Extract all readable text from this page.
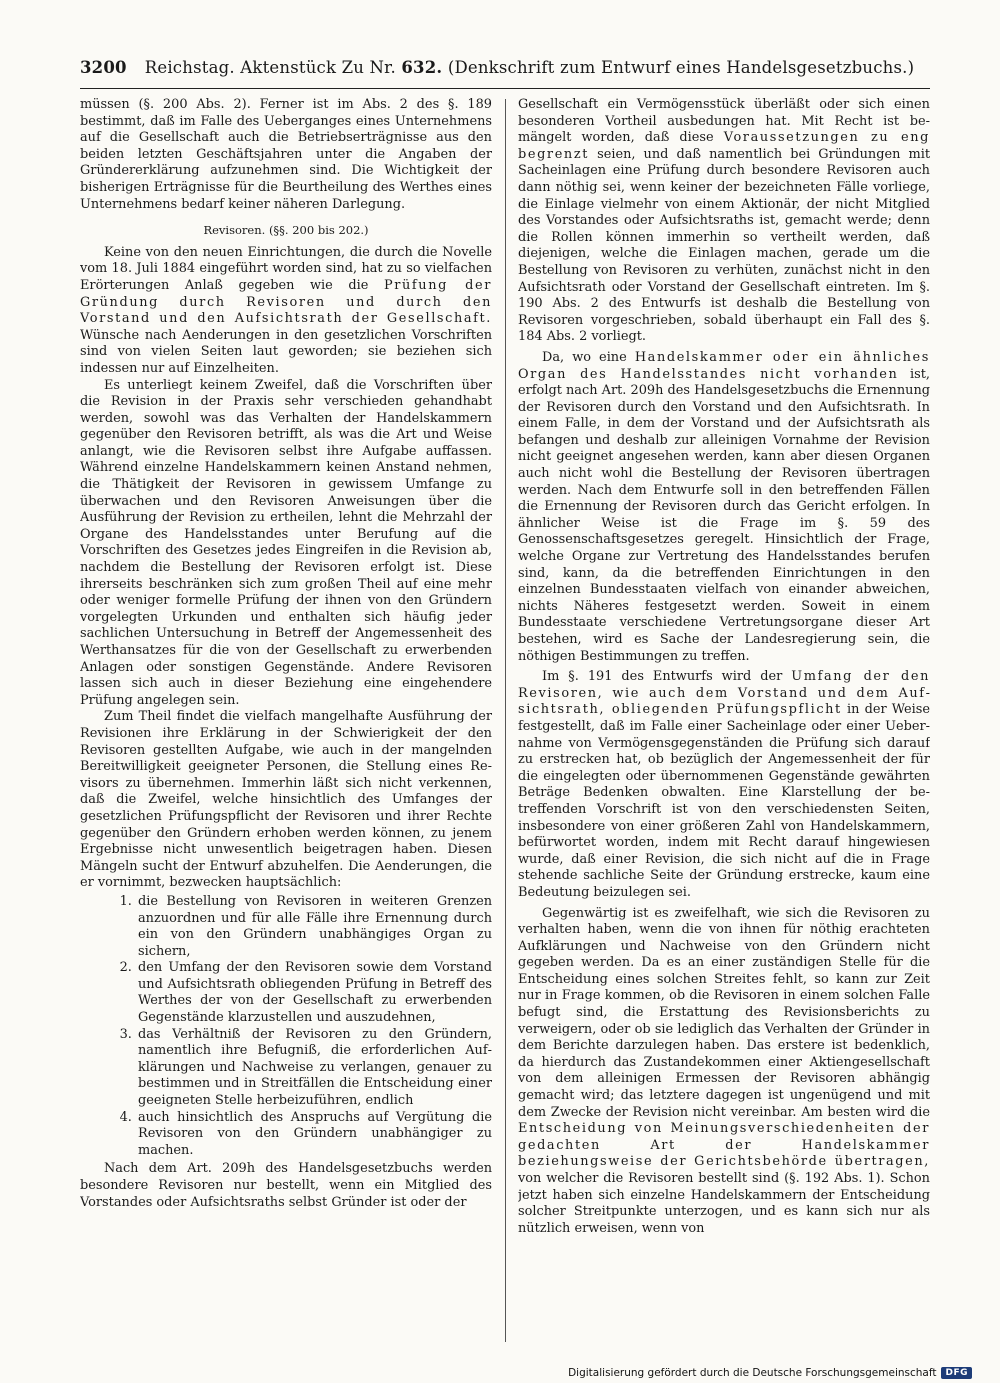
3200 Reichstag. Aktenstück Zu Nr. 632. (Denkschrift zum Entwurf eines Handelsgesetzbuchs.)

müssen (§. 200 Abs. 2). Ferner ist im Abs. 2 des §. 189 bestimmt, daß im Falle des Ueberganges eines Unternehmens auf die Gesellschaft auch die Betriebserträgnisse aus den beiden letzten Geschäftsjahren unter die Angaben der Gründererklärung aufzunehmen sind. Die Wichtigkeit der bisherigen Erträgnisse für die Beurtheilung des Werthes eines Unternehmens bedarf keiner näheren Darlegung.

Revisoren. (§§. 200 bis 202.)

Keine von den neuen Einrichtungen, die durch die Novelle vom 18. Juli 1884 eingeführt worden sind, hat zu so vielfachen Erörterungen Anlaß gegeben wie die Prüfung der Gründung durch Revisoren und durch den Vorstand und den Aufsichtsrath der Gesellschaft. Wünsche nach Aenderungen in den gesetzlichen Vorschriften sind von vielen Seiten laut geworden; sie beziehen sich indessen nur auf Einzelheiten.

Es unterliegt keinem Zweifel, daß die Vorschriften über die Revision in der Praxis sehr verschieden gehandhabt werden, sowohl was das Verhalten der Handelskammern gegenüber den Revisoren betrifft, als was die Art und Weise anlangt, wie die Revisoren selbst ihre Aufgabe auffassen. Während einzelne Handelskammern keinen Anstand nehmen, die Thätigkeit der Revisoren in gewissem Umfange zu überwachen und den Revisoren Anweisungen über die Ausführung der Revision zu ertheilen, lehnt die Mehrzahl der Organe des Handelsstandes unter Berufung auf die Vorschriften des Gesetzes jedes Eingreifen in die Revision ab, nachdem die Bestellung der Revisoren erfolgt ist. Diese ihrerseits beschränken sich zum großen Theil auf eine mehr oder weniger formelle Prüfung der ihnen von den Gründern vorgelegten Urkunden und enthalten sich häufig jeder sachlichen Untersuchung in Betreff der Angemessenheit des Werthansatzes für die von der Gesellschaft zu erwerbenden Anlagen oder sonstigen Gegenstände. Andere Revisoren lassen sich auch in dieser Beziehung eine eingehendere Prüfung angelegen sein.

Zum Theil findet die vielfach mangelhafte Ausführung der Revisionen ihre Erklärung in der Schwierigkeit der den Revisoren gestellten Aufgabe, wie auch in der mangelnden Bereitwilligkeit geeigneter Personen, die Stellung eines Revisors zu übernehmen. Immerhin läßt sich nicht verkennen, daß die Zweifel, welche hinsichtlich des Umfanges der gesetzlichen Prüfungspflicht der Revisoren und ihrer Rechte gegenüber den Gründern erhoben werden können, zu jenem Ergebnisse nicht unwesentlich beigetragen haben. Diesen Mängeln sucht der Entwurf abzuhelfen. Die Aenderungen, die er vornimmt, bezwecken hauptsächlich:

1. die Bestellung von Revisoren in weiteren Grenzen anzuordnen und für alle Fälle ihre Ernennung durch ein von den Gründern unabhängiges Organ zu sichern,
2. den Umfang der den Revisoren sowie dem Vorstand und Aufsichtsrath obliegenden Prüfung in Betreff des Werthes der von der Gesellschaft zu erwerbenden Gegenstände klarzustellen und auszudehnen,
3. das Verhältniß der Revisoren zu den Gründern, namentlich ihre Befugniß, die erforderlichen Aufklärungen und Nachweise zu verlangen, genauer zu bestimmen und in Streitfällen die Entscheidung einer geeigneten Stelle herbeizuführen, endlich
4. auch hinsichtlich des Anspruchs auf Vergütung die Revisoren von den Gründern unabhängiger zu machen.

Nach dem Art. 209h des Handelsgesetzbuchs werden besondere Revisoren nur bestellt, wenn ein Mitglied des Vorstandes oder Aufsichtsraths selbst Gründer ist oder der

Gesellschaft ein Vermögensstück überläßt oder sich einen besonderen Vortheil ausbedungen hat. Mit Recht ist bemängelt worden, daß diese Voraussetzungen zu eng begrenzt seien, und daß namentlich bei Gründungen mit Sacheinlagen eine Prüfung durch besondere Revisoren auch dann nöthig sei, wenn keiner der bezeichneten Fälle vorliege, die Einlage vielmehr von einem Aktionär, der nicht Mitglied des Vorstandes oder Aufsichtsraths ist, gemacht werde; denn die Rollen können immerhin so vertheilt werden, daß diejenigen, welche die Einlagen machen, gerade um die Bestellung von Revisoren zu verhüten, zunächst nicht in den Aufsichtsrath oder Vorstand der Gesellschaft eintreten. Im §. 190 Abs. 2 des Entwurfs ist deshalb die Bestellung von Revisoren vorgeschrieben, sobald überhaupt ein Fall des §. 184 Abs. 2 vorliegt.

Da, wo eine Handelskammer oder ein ähnliches Organ des Handelsstandes nicht vorhanden ist, erfolgt nach Art. 209h des Handelsgesetzbuchs die Ernennung der Revisoren durch den Vorstand und den Aufsichtsrath. In einem Falle, in dem der Vorstand und der Aufsichtsrath als befangen und deshalb zur alleinigen Vornahme der Revision nicht geeignet angesehen werden, kann aber diesen Organen auch nicht wohl die Bestellung der Revisoren übertragen werden. Nach dem Entwurfe soll in den betreffenden Fällen die Ernennung der Revisoren durch das Gericht erfolgen. In ähnlicher Weise ist die Frage im §. 59 des Genossenschaftsgesetzes geregelt. Hinsichtlich der Frage, welche Organe zur Vertretung des Handelsstandes berufen sind, kann, da die betreffenden Einrichtungen in den einzelnen Bundesstaaten vielfach von einander abweichen, nichts Näheres festgesetzt werden. Soweit in einem Bundesstaate verschiedene Vertretungsorgane dieser Art bestehen, wird es Sache der Landesregierung sein, die nöthigen Bestimmungen zu treffen.

Im §. 191 des Entwurfs wird der Umfang der den Revisoren, wie auch dem Vorstand und dem Aufsichtsrath, obliegenden Prüfungspflicht in der Weise festgestellt, daß im Falle einer Sacheinlage oder einer Uebernahme von Vermögensgegenständen die Prüfung sich darauf zu erstrecken hat, ob bezüglich der Angemessenheit der für die eingelegten oder übernommenen Gegenstände gewährten Beträge Bedenken obwalten. Eine Klarstellung der betreffenden Vorschrift ist von den verschiedensten Seiten, insbesondere von einer größeren Zahl von Handelskammern, befürwortet worden, indem mit Recht darauf hingewiesen wurde, daß einer Revision, die sich nicht auf die in Frage stehende sachliche Seite der Gründung erstrecke, kaum eine Bedeutung beizulegen sei.

Gegenwärtig ist es zweifelhaft, wie sich die Revisoren zu verhalten haben, wenn die von ihnen für nöthig erachteten Aufklärungen und Nachweise von den Gründern nicht gegeben werden. Da es an einer zuständigen Stelle für die Entscheidung eines solchen Streites fehlt, so kann zur Zeit nur in Frage kommen, ob die Revisoren in einem solchen Falle befugt sind, die Erstattung des Revisionsberichts zu verweigern, oder ob sie lediglich das Verhalten der Gründer in dem Berichte darzulegen haben. Das erstere ist bedenklich, da hierdurch das Zustandekommen einer Aktiengesellschaft von dem alleinigen Ermessen der Revisoren abhängig gemacht wird; das letztere dagegen ist ungenügend und mit dem Zwecke der Revision nicht vereinbar. Am besten wird die Entscheidung von Meinungsverschiedenheiten der gedachten Art der Handelskammer beziehungsweise der Gerichtsbehörde übertragen, von welcher die Revisoren bestellt sind (§. 192 Abs. 1). Schon jetzt haben sich einzelne Handelskammern der Entscheidung solcher Streitpunkte unterzogen, und es kann sich nur als nützlich erweisen, wenn von

Digitalisierung gefördert durch die Deutsche Forschungsgemeinschaft	DFG
